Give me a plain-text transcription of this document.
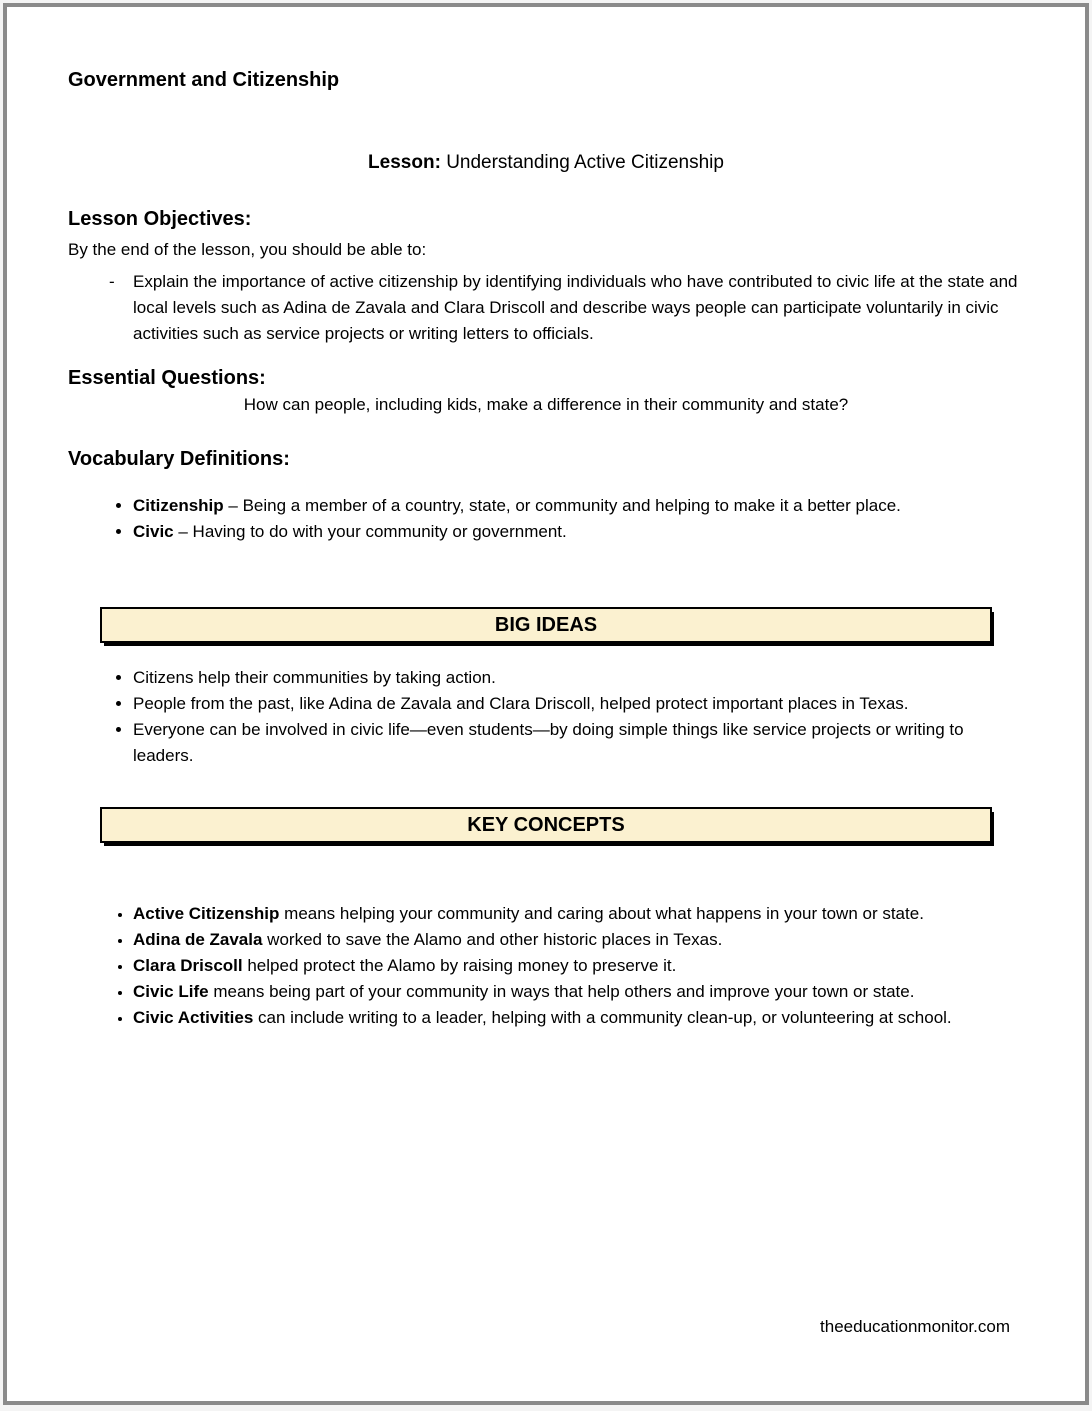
Government and Citizenship

Lesson: Understanding Active Citizenship

Lesson Objectives:

By the end of the lesson, you should be able to:

- Explain the importance of active citizenship by identifying individuals who have contributed to civic life at the state and local levels such as Adina de Zavala and Clara Driscoll and describe ways people can participate voluntarily in civic activities such as service projects or writing letters to officials.
Essential Questions:

How can people, including kids, make a difference in their community and state?

Vocabulary Definitions:
• Citizenship – Being a member of a country, state, or community and helping to make it a better place.
• Civic – Having to do with your community or government.
BIG IDEAS
• Citizens help their communities by taking action.
• People from the past, like Adina de Zavala and Clara Driscoll, helped protect important places in Texas.
• Everyone can be involved in civic life—even students—by doing simple things like service projects or writing to leaders.
KEY CONCEPTS
• Active Citizenship means helping your community and caring about what happens in your town or state.
• Adina de Zavala worked to save the Alamo and other historic places in Texas.
• Clara Driscoll helped protect the Alamo by raising money to preserve it.
• Civic Life means being part of your community in ways that help others and improve your town or state.
• Civic Activities can include writing to a leader, helping with a community clean-up, or volunteering at school.
theeducationmonitor.com
